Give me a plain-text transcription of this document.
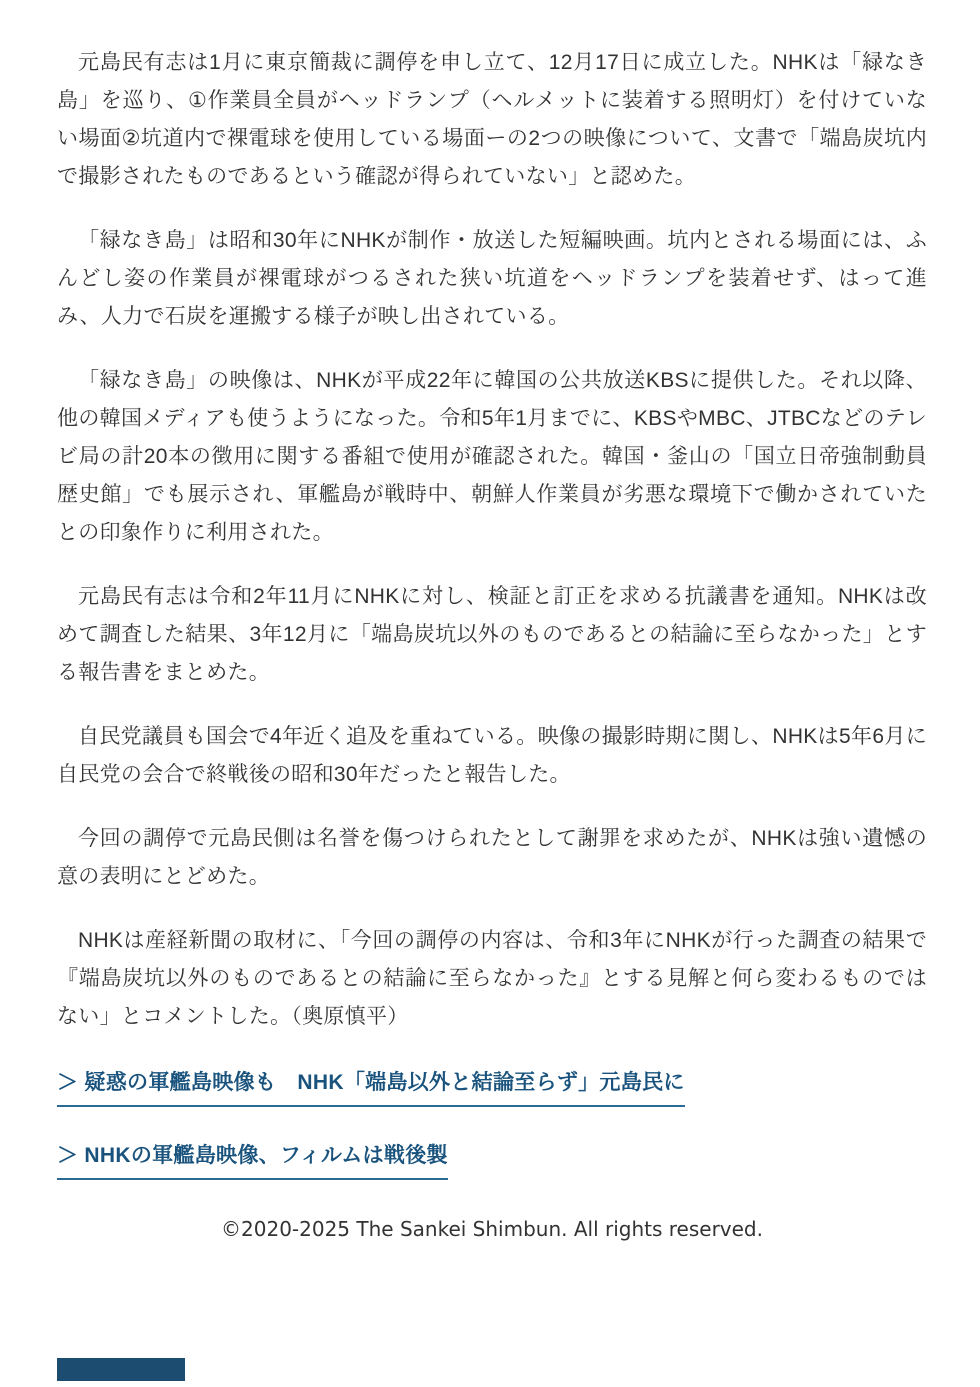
元島民有志は1月に東京簡裁に調停を申し立て、12月17日に成立した。NHKは「緑なき島」を巡り、①作業員全員がヘッドランプ（ヘルメットに装着する照明灯）を付けていない場面②坑道内で裸電球を使用している場面ーの2つの映像について、文書で「端島炭坑内で撮影されたものであるという確認が得られていない」と認めた。

「緑なき島」は昭和30年にNHKが制作・放送した短編映画。坑内とされる場面には、ふんどし姿の作業員が裸電球がつるされた狭い坑道をヘッドランプを装着せず、はって進み、人力で石炭を運搬する様子が映し出されている。

「緑なき島」の映像は、NHKが平成22年に韓国の公共放送KBSに提供した。それ以降、他の韓国メディアも使うようになった。令和5年1月までに、KBSやMBC、JTBCなどのテレビ局の計20本の徴用に関する番組で使用が確認された。韓国・釜山の「国立日帝強制動員歴史館」でも展示され、軍艦島が戦時中、朝鮮人作業員が劣悪な環境下で働かされていたとの印象作りに利用された。

元島民有志は令和2年11月にNHKに対し、検証と訂正を求める抗議書を通知。NHKは改めて調査した結果、3年12月に「端島炭坑以外のものであるとの結論に至らなかった」とする報告書をまとめた。

自民党議員も国会で4年近く追及を重ねている。映像の撮影時期に関し、NHKは5年6月に自民党の会合で終戦後の昭和30年だったと報告した。

今回の調停で元島民側は名誉を傷つけられたとして謝罪を求めたが、NHKは強い遺憾の意の表明にとどめた。

NHKは産経新聞の取材に、「今回の調停の内容は、令和3年にNHKが行った調査の結果で『端島炭坑以外のものであるとの結論に至らなかった』とする見解と何ら変わるものではない」とコメントした。（奥原慎平）

＞ 疑惑の軍艦島映像も　NHK「端島以外と結論至らず」元島民に
＞ NHKの軍艦島映像、フィルムは戦後製
©2020-2025 The Sankei Shimbun. All rights reserved.
